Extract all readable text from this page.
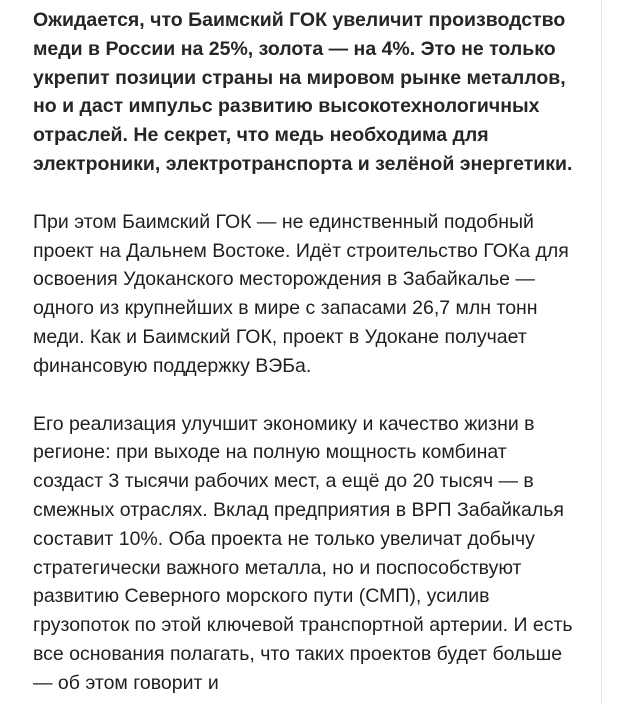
Ожидается, что Баимский ГОК увеличит производство меди в России на 25%, золота — на 4%. Это не только укрепит позиции страны на мировом рынке металлов, но и даст импульс развитию высокотехнологичных отраслей. Не секрет, что медь необходима для электроники, электротранспорта и зелёной энергетики.

При этом Баимский ГОК — не единственный подобный проект на Дальнем Востоке. Идёт строительство ГОКа для освоения Удоканского месторождения в Забайкалье — одного из крупнейших в мире с запасами 26,7 млн тонн меди. Как и Баимский ГОК, проект в Удокане получает финансовую поддержку ВЭБа.

Его реализация улучшит экономику и качество жизни в регионе: при выходе на полную мощность комбинат создаст 3 тысячи рабочих мест, а ещё до 20 тысяч — в смежных отраслях. Вклад предприятия в ВРП Забайкалья составит 10%. Оба проекта не только увеличат добычу стратегически важного металла, но и поспособствуют развитию Северного морского пути (СМП), усилив грузопоток по этой ключевой транспортной артерии. И есть все основания полагать, что таких проектов будет больше — об этом говорит и
